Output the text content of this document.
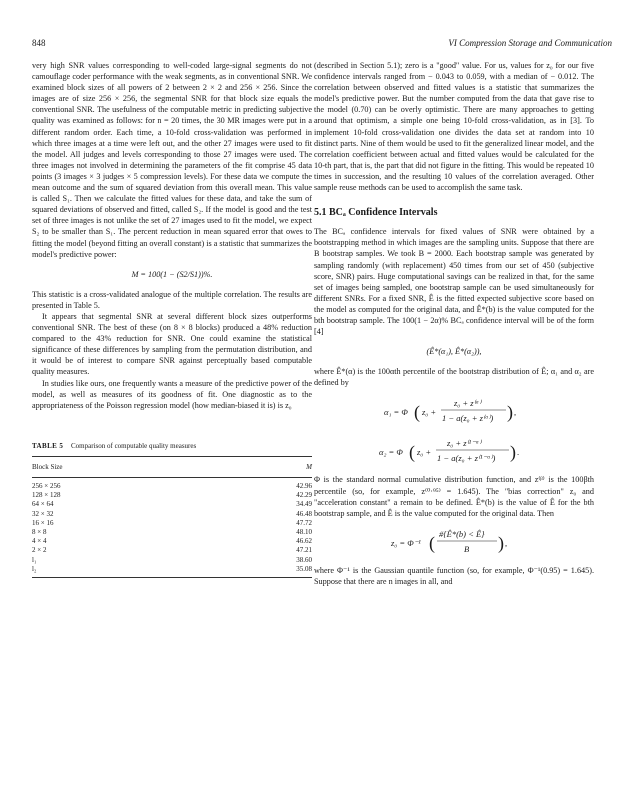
848	VI Compression Storage and Communication

very high SNR values corresponding to well-coded large-signal segments do not camouflage coder performance with the weak segments, as in conventional SNR. We examined block sizes of all powers of 2 between 2 × 2 and 256 × 256. Since the images are of size 256 × 256, the segmental SNR for that block size equals the conventional SNR. The usefulness of the computable metric in predicting subjective quality was examined as follows: for n = 20 times, the 30 MR images were put in a different random order. Each time, a 10-fold cross-validation was performed in which three images at a time were left out, and the other 27 images were used to fit the model. All judges and levels corresponding to those 27 images were used. The three images not involved in determining the parameters of the fit comprise 45 data points (3 images × 3 judges × 5 compression levels). For these data we compute the mean outcome and the sum of squared deviation from this overall mean. This value is called S₁. Then we calculate the fitted values for these data, and take the sum of squared deviations of observed and fitted, called S₂. If the model is good and the test set of three images is not unlike the set of 27 images used to fit the model, we expect S₂ to be smaller than S₁. The percent reduction in mean squared error that owes to fitting the model (beyond fitting an overall constant) is a statistic that summarizes the model's predictive power:

M = 100(1 − (S2/S1))%.

This statistic is a cross-validated analogue of the multiple correlation. The results are presented in Table 5.

It appears that segmental SNR at several different block sizes outperforms conventional SNR. The best of these (on 8 × 8 blocks) produced a 48% reduction compared to the 43% reduction for SNR. One could examine the statistical significance of these differences by sampling from the permutation distribution, and it would be of interest to compare SNR against perceptually based computable quality measures.

In studies like ours, one frequently wants a measure of the predictive power of the model, as well as measures of its goodness of fit. One diagnostic as to the appropriateness of the Poisson regression model (how median-biased it is) is z₀

TABLE 5 Comparison of computable quality measures
Block Size	M
256 × 256	42.96
128 × 128	42.29
64 × 64	34.49
32 × 32	46.48
16 × 16	47.72
8 × 8	48.10
4 × 4	46.62
2 × 2	47.21
l₁	38.60
l₂	35.08

(described in Section 5.1); zero is a "good" value. For us, values for z₀ for our five confidence intervals ranged from − 0.043 to 0.059, with a median of − 0.012. The correlation between observed and fitted values is a statistic that summarizes the model's predictive power. But the number computed from the data that gave rise to the model (0.70) can be overly optimistic. There are many approaches to getting around that optimism, a simple one being 10-fold cross-validation, as in [3]. To implement 10-fold cross-validation one divides the data set at random into 10 distinct parts. Nine of them would be used to fit the generalized linear model, and the correlation coefficient between actual and fitted values would be calculated for the 10-th part, that is, the part that did not figure in the fitting. This would be repeated 10 times in succession, and the resulting 10 values of the correlation averaged. Other sample reuse methods can be used to accomplish the same task.

5.1 BCₐ Confidence Intervals

The BCₐ confidence intervals for fixed values of SNR were obtained by a bootstrapping method in which images are the sampling units. Suppose that there are B bootstrap samples. We took B = 2000. Each bootstrap sample was generated by sampling randomly (with replacement) 450 times from our set of 450 (subjective score, SNR) pairs. Huge computational savings can be realized in that, for the same set of images being sampled, one bootstrap sample can be used simultaneously for different SNRs. For a fixed SNR, Ê is the fitted expected subjective score based on the model as computed for the original data, and Ê*(b) is the value computed for the bth bootstrap sample. The 100(1 − 2α)% BCₐ confidence interval will be of the form [4]

(Ê*(α₁), Ê*(α₂)),

where Ê*(α) is the 100αth percentile of the bootstrap distribution of Ê; α₁ and α₂ are defined by

α₁ = Φ ( z₀ +
z₀ + z⁽ᵅ⁾
1 − a(z₀ + z⁽ᵅ⁾) ) ,
α₂ = Φ ( z₀ +
z₀ + z⁽¹⁻ᵅ⁾
1 − a(z₀ + z⁽¹⁻ᵅ⁾) ) .

Φ is the standard normal cumulative distribution function, and z⁽ᵝ⁾ is the 100βth percentile (so, for example, z⁽⁰·⁹⁵⁾ = 1.645). The "bias correction" z₀ and "acceleration constant" a remain to be defined. Ê*(b) is the value of Ê for the bth bootstrap sample, and Ê is the value computed for the original data. Then

z₀ = Φ⁻¹ ( #{Ê*(b) < Ê}
B ) ,

where Φ⁻¹ is the Gaussian quantile function (so, for example, Φ⁻¹(0.95) = 1.645). Suppose that there are n images in all, and
